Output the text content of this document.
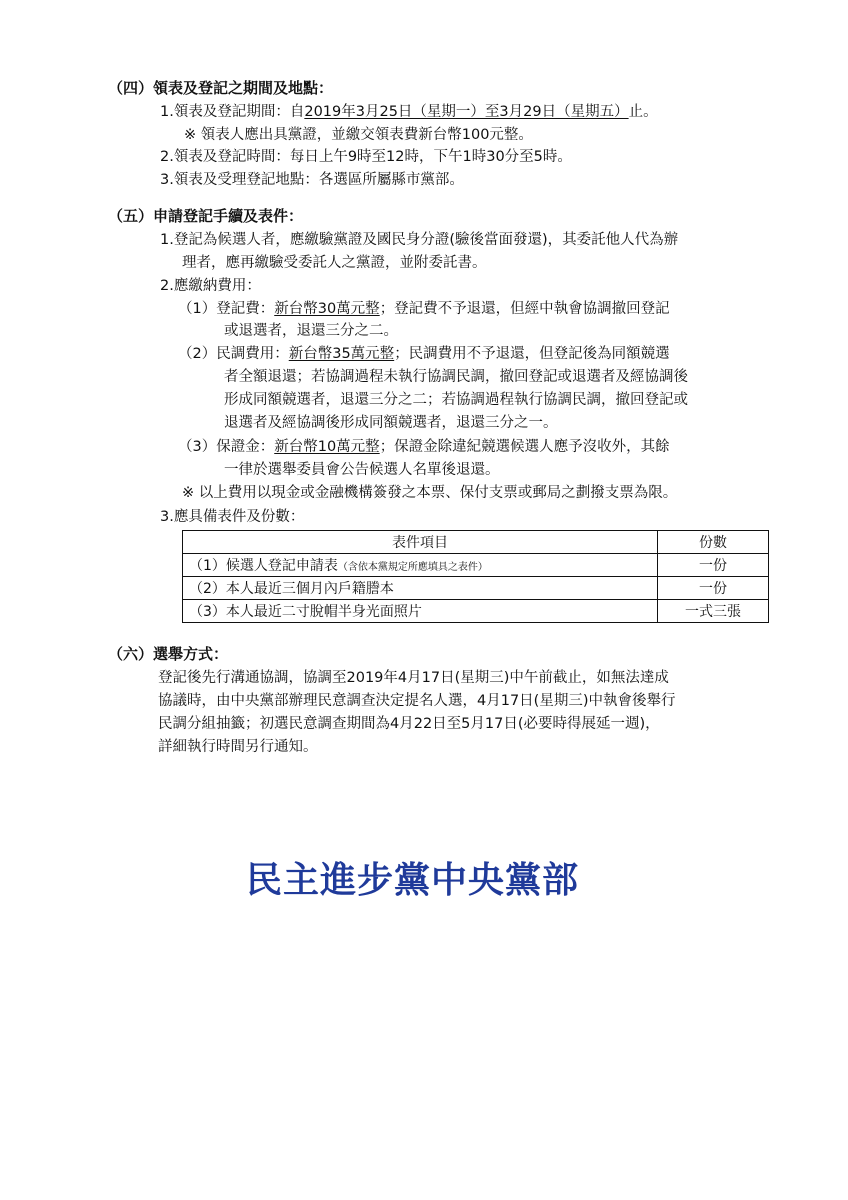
（四）領表及登記之期間及地點：
1.領表及登記期間：自2019年3月25日（星期一）至3月29日（星期五）止。
※ 領表人應出具黨證，並繳交領表費新台幣100元整。
2.領表及登記時間：每日上午9時至12時，下午1時30分至5時。
3.領表及受理登記地點：各選區所屬縣市黨部。
（五）申請登記手續及表件：
1.登記為候選人者，應繳驗黨證及國民身分證(驗後當面發還)，其委託他人代為辦
理者，應再繳驗受委託人之黨證，並附委託書。
2.應繳納費用：
（1）登記費：新台幣30萬元整；登記費不予退還，但經中執會協調撤回登記
或退選者，退還三分之二。
（2）民調費用：新台幣35萬元整；民調費用不予退還，但登記後為同額競選
者全額退還；若協調過程未執行協調民調，撤回登記或退選者及經協調後
形成同額競選者，退還三分之二；若協調過程執行協調民調，撤回登記或
退選者及經協調後形成同額競選者，退還三分之一。
（3）保證金：新台幣10萬元整；保證金除違紀競選候選人應予沒收外，其餘
一律於選舉委員會公告候選人名單後退還。
※ 以上費用以現金或金融機構簽發之本票、保付支票或郵局之劃撥支票為限。
3.應具備表件及份數：
表件項目	份數
（1）候選人登記申請表（含依本黨規定所應填具之表件）	一份
（2）本人最近三個月內戶籍謄本	一份
（3）本人最近二寸脫帽半身光面照片	一式三張
（六）選舉方式：
登記後先行溝通協調，協調至2019年4月17日(星期三)中午前截止，如無法達成
協議時，由中央黨部辦理民意調查決定提名人選，4月17日(星期三)中執會後舉行
民調分組抽籤；初選民意調查期間為4月22日至5月17日(必要時得展延一週)，
詳細執行時間另行通知。
民主進步黨中央黨部
